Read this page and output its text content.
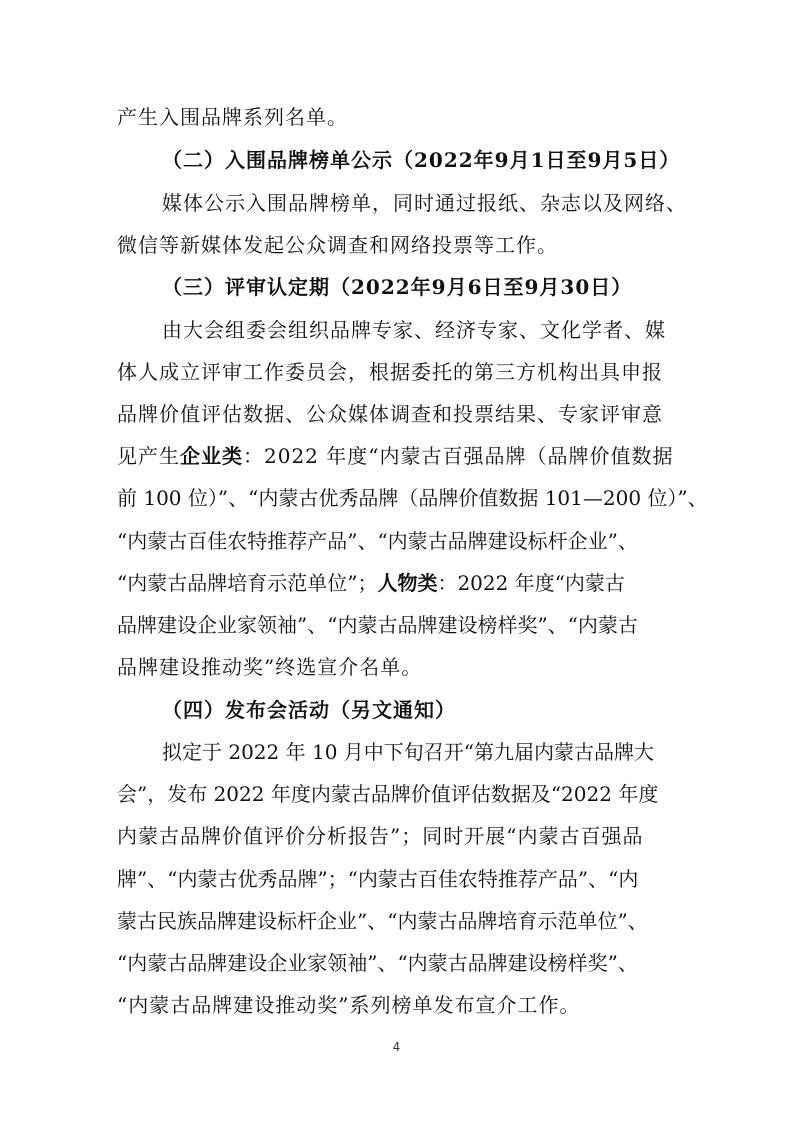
产生入围品牌系列名单。
（二）入围品牌榜单公示（2022年9月1日至9月5日）
媒体公示入围品牌榜单，同时通过报纸、杂志以及网络、
微信等新媒体发起公众调查和网络投票等工作。
（三）评审认定期（2022年9月6日至9月30日）
由大会组委会组织品牌专家、经济专家、文化学者、媒
体人成立评审工作委员会，根据委托的第三方机构出具申报
品牌价值评估数据、公众媒体调查和投票结果、专家评审意
见产生企业类：2022 年度“内蒙古百强品牌（品牌价值数据
前 100 位）”、“内蒙古优秀品牌（品牌价值数据 101—200 位）”、
“内蒙古百佳农特推荐产品”、“内蒙古品牌建设标杆企业”、
“内蒙古品牌培育示范单位”；人物类：2022 年度“内蒙古
品牌建设企业家领袖”、“内蒙古品牌建设榜样奖”、“内蒙古
品牌建设推动奖”终选宣介名单。
（四）发布会活动（另文通知）
拟定于 2022 年 10 月中下旬召开“第九届内蒙古品牌大
会”，发布 2022 年度内蒙古品牌价值评估数据及“2022 年度
内蒙古品牌价值评价分析报告”；同时开展“内蒙古百强品
牌”、“内蒙古优秀品牌”；“内蒙古百佳农特推荐产品”、“内
蒙古民族品牌建设标杆企业”、“内蒙古品牌培育示范单位”、
“内蒙古品牌建设企业家领袖”、“内蒙古品牌建设榜样奖”、
“内蒙古品牌建设推动奖”系列榜单发布宣介工作。
4
